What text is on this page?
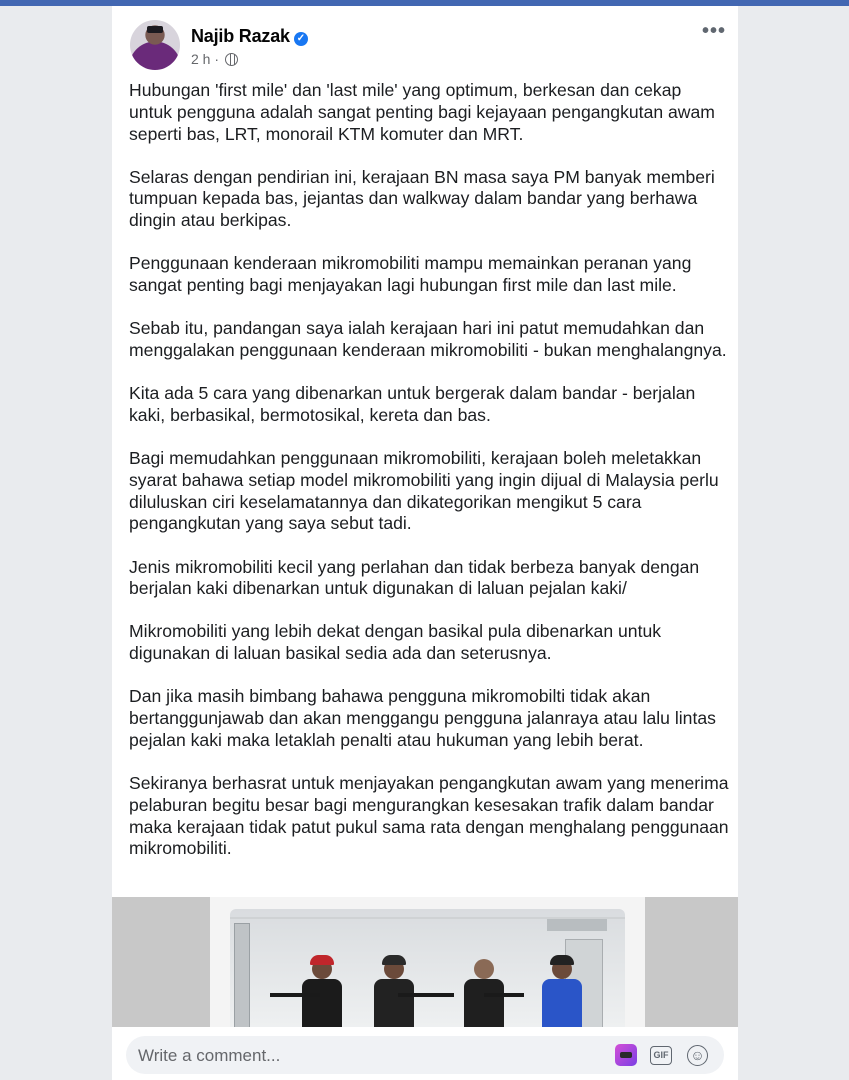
Najib Razak ✓
2 h ·
•••

Hubungan 'first mile' dan 'last mile' yang optimum, berkesan dan cekap untuk pengguna adalah sangat penting bagi kejayaan pengangkutan awam seperti bas, LRT, monorail KTM komuter dan MRT.

Selaras dengan pendirian ini, kerajaan BN masa saya PM banyak memberi tumpuan kepada bas, jejantas dan walkway dalam bandar yang berhawa dingin atau berkipas.

Penggunaan kenderaan mikromobiliti mampu memainkan peranan yang sangat penting bagi menjayakan lagi hubungan first mile dan last mile.

Sebab itu, pandangan saya ialah kerajaan hari ini patut memudahkan dan menggalakan penggunaan kenderaan mikromobiliti - bukan menghalangnya.

Kita ada 5 cara yang dibenarkan untuk bergerak dalam bandar - berjalan kaki, berbasikal, bermotosikal, kereta dan bas.

Bagi memudahkan penggunaan mikromobiliti, kerajaan boleh meletakkan syarat bahawa setiap model mikromobiliti yang ingin dijual di Malaysia perlu diluluskan ciri keselamatannya dan dikategorikan mengikut 5 cara pengangkutan yang saya sebut tadi.

Jenis mikromobiliti kecil yang perlahan dan tidak berbeza banyak dengan berjalan kaki dibenarkan untuk digunakan di laluan pejalan kaki/

Mikromobiliti yang lebih dekat dengan basikal pula dibenarkan untuk digunakan di laluan basikal sedia ada dan seterusnya.

Dan jika masih bimbang bahawa pengguna mikromobilti tidak akan bertanggunjawab dan akan menggangu pengguna jalanraya atau lalu lintas pejalan kaki maka letaklah penalti atau hukuman yang lebih berat.

Sekiranya berhasrat untuk menjayakan pengangkutan awam yang menerima pelaburan begitu besar bagi mengurangkan kesesakan trafik dalam bandar maka kerajaan tidak patut pukul sama rata dengan menghalang penggunaan mikromobiliti.

Write a comment...	GIF ☺
